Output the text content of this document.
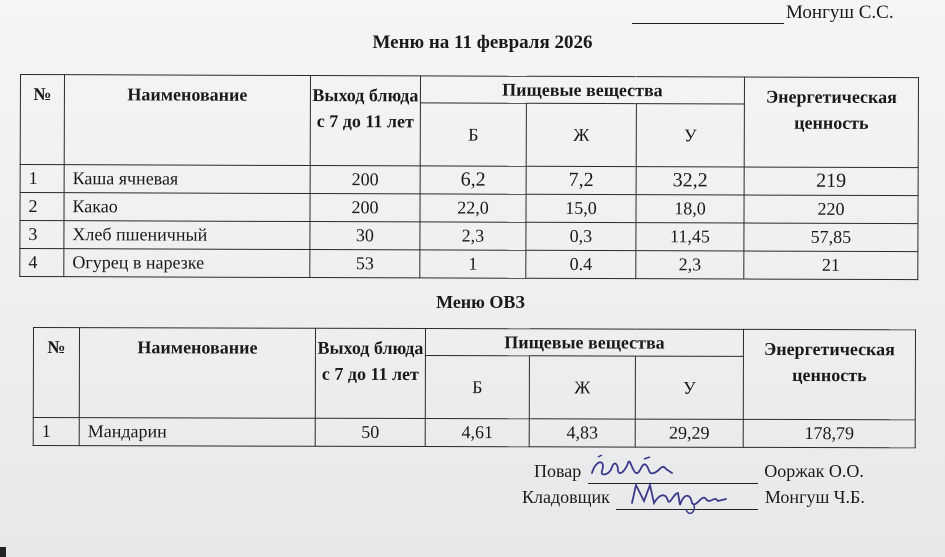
Монгуш С.С.
Меню на 11 февраля 2026
№	Наименование	Выход блюда с 7 до 11 лет	Пищевые вещества			Энергетическая ценность
			Б	Ж	У	
1	Каша ячневая	200	6,2	7,2	32,2	219
2	Какао	200	22,0	15,0	18,0	220
3	Хлеб пшеничный	30	2,3	0,3	11,45	57,85
4	Огурец в нарезке	53	1	0.4	2,3	21
Меню ОВЗ
№	Наименование	Выход блюда с 7 до 11 лет	Пищевые вещества			Энергетическая ценность
			Б	Ж	У	
1	Мандарин	50	4,61	4,83	29,29	178,79
Повар	Ооржак О.О.
Кладовщик	Монгуш Ч.Б.
